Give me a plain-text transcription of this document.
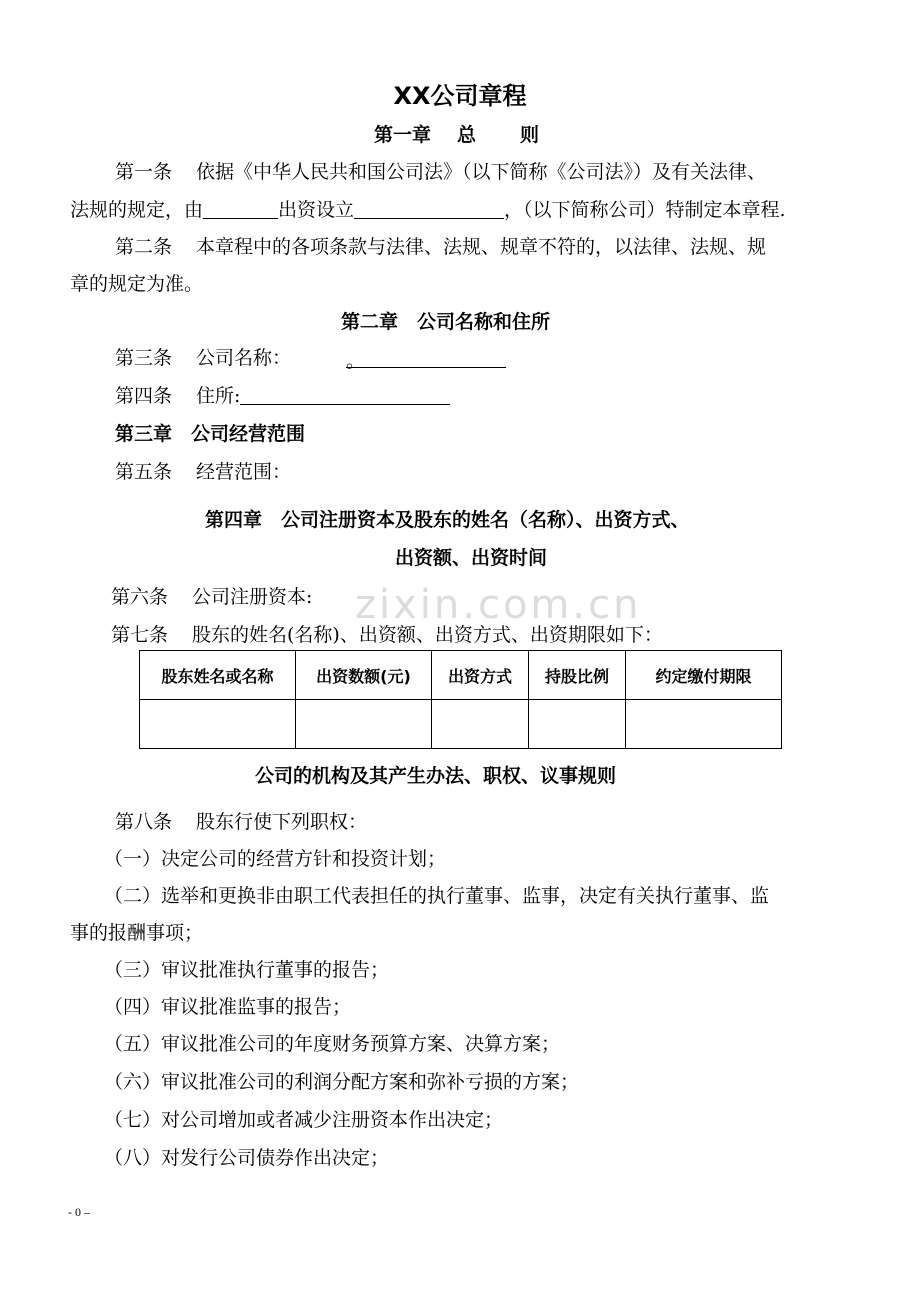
XX公司章程
第一章 总 则
第一条 依据《中华人民共和国公司法》（以下简称《公司法》）及有关法律、
法规的规定，由	出资设立	，（以下简称公司）特制定本章程.
第二条 本章程中的各项条款与法律、法规、规章不符的，以法律、法规、规
章的规定为准。
第二章　公司名称和住所
第三条 公司名称：	。
第四条 住所:
第三章　公司经营范围
第五条 经营范围：
第四章　公司注册资本及股东的姓名（名称）、出资方式、
出资额、出资时间
第六条 公司注册资本: zixin.com.cn
第七条 股东的姓名(名称)、出资额、出资方式、出资期限如下：
股东姓名或名称	出资数额(元)	出资方式	持股比例	约定缴付期限

公司的机构及其产生办法、职权、议事规则
第八条 股东行使下列职权：
（一）决定公司的经营方针和投资计划；
（二）选举和更换非由职工代表担任的执行董事、监事，决定有关执行董事、监
事的报酬事项；
（三）审议批准执行董事的报告；
（四）审议批准监事的报告；
（五）审议批准公司的年度财务预算方案、决算方案；
（六）审议批准公司的利润分配方案和弥补亏损的方案；
（七）对公司增加或者减少注册资本作出决定；
（八）对发行公司债券作出决定；
- 0 –
